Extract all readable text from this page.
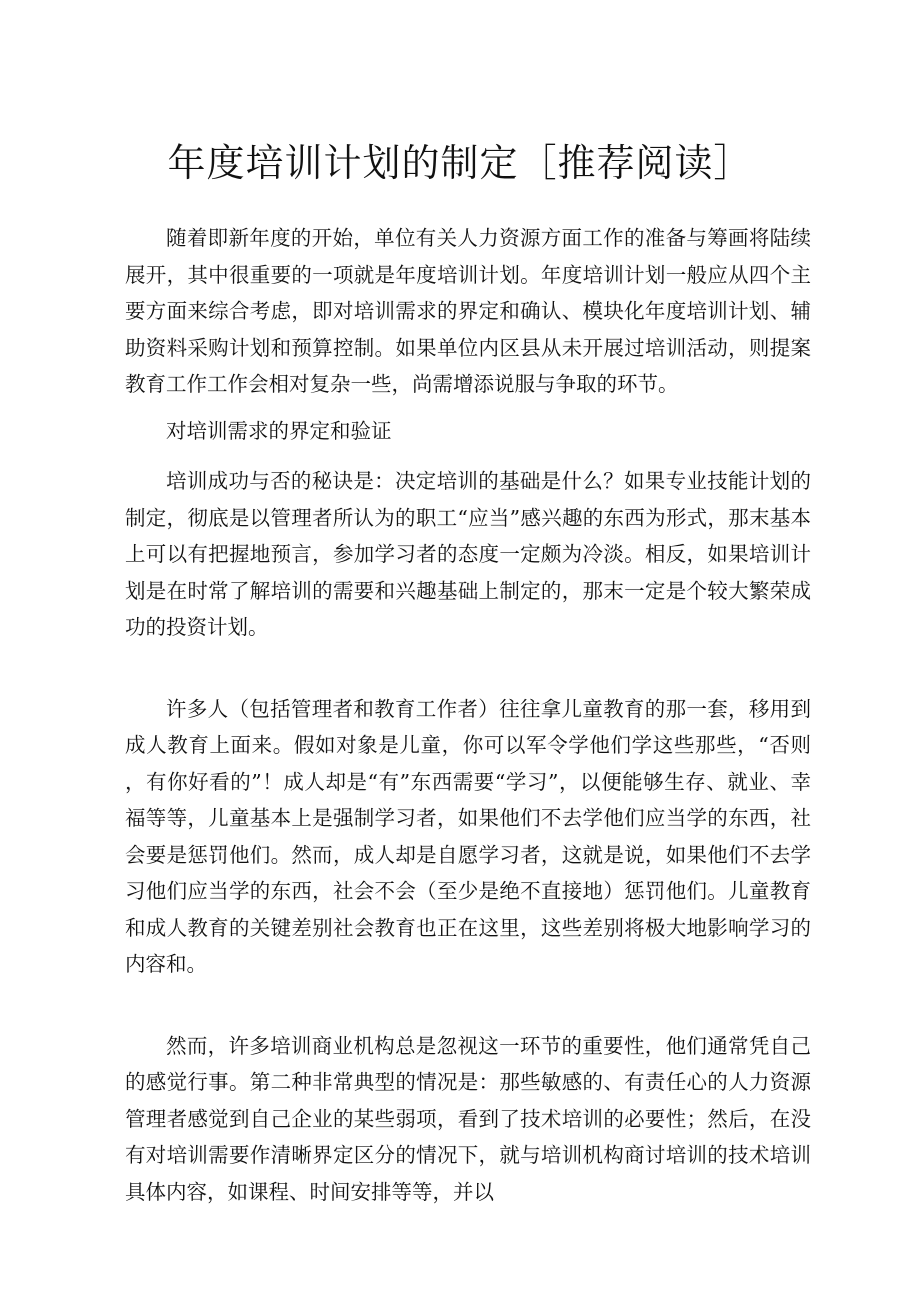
年度培训计划的制定［推荐阅读］

随着即新年度的开始，单位有关人力资源方面工作的准备与筹画将陆续展开，其中很重要的一项就是年度培训计划。年度培训计划一般应从四个主要方面来综合考虑，即对培训需求的界定和确认、模块化年度培训计划、辅助资料采购计划和预算控制。如果单位内区县从未开展过培训活动，则提案教育工作工作会相对复杂一些，尚需增添说服与争取的环节。

对培训需求的界定和验证

培训成功与否的秘诀是：决定培训的基础是什么？如果专业技能计划的制定，彻底是以管理者所认为的职工“应当”感兴趣的东西为形式，那末基本上可以有把握地预言，参加学习者的态度一定颇为冷淡。相反，如果培训计划是在时常了解培训的需要和兴趣基础上制定的，那末一定是个较大繁荣成功的投资计划。

许多人（包括管理者和教育工作者）往往拿儿童教育的那一套，移用到成人教育上面来。假如对象是儿童，你可以军令学他们学这些那些，“否则，有你好看的”！成人却是“有”东西需要“学习”，以便能够生存、就业、幸福等等，儿童基本上是强制学习者，如果他们不去学他们应当学的东西，社会要是惩罚他们。然而，成人却是自愿学习者，这就是说，如果他们不去学习他们应当学的东西，社会不会（至少是绝不直接地）惩罚他们。儿童教育和成人教育的关键差别社会教育也正在这里，这些差别将极大地影响学习的内容和。

然而，许多培训商业机构总是忽视这一环节的重要性，他们通常凭自己的感觉行事。第二种非常典型的情况是：那些敏感的、有责任心的人力资源管理者感觉到自己企业的某些弱项，看到了技术培训的必要性；然后，在没有对培训需要作清晰界定区分的情况下，就与培训机构商讨培训的技术培训具体内容，如课程、时间安排等等，并以
